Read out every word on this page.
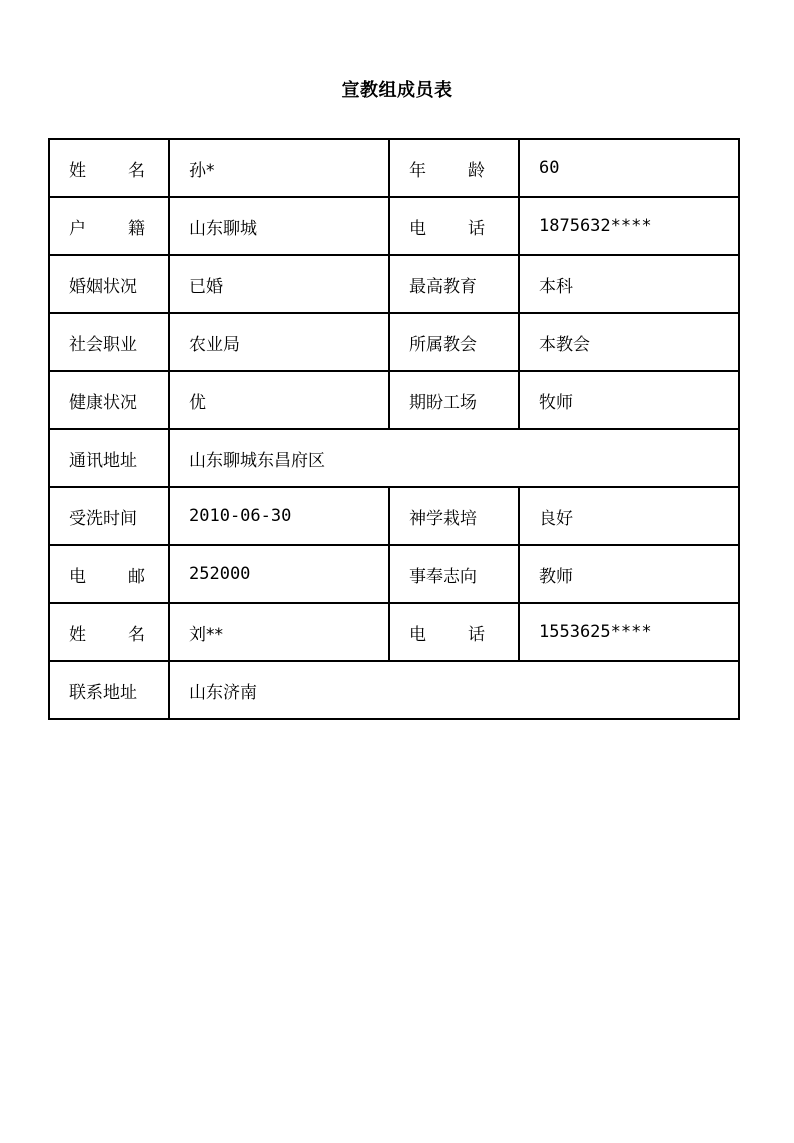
宣教组成员表
姓 名	孙*	年 龄	60

户 籍	山东聊城	电 话	1875632****
婚姻状况	已婚	最高教育	本科
社会职业	农业局	所属教会	本教会
健康状况	优	期盼工场	牧师
通讯地址	山东聊城东昌府区		
受洗时间	2010-06-30	神学栽培	良好

电 邮	252000	事奉志向	教师

姓 名	刘**	电 话	1553625****
联系地址	山东济南		
